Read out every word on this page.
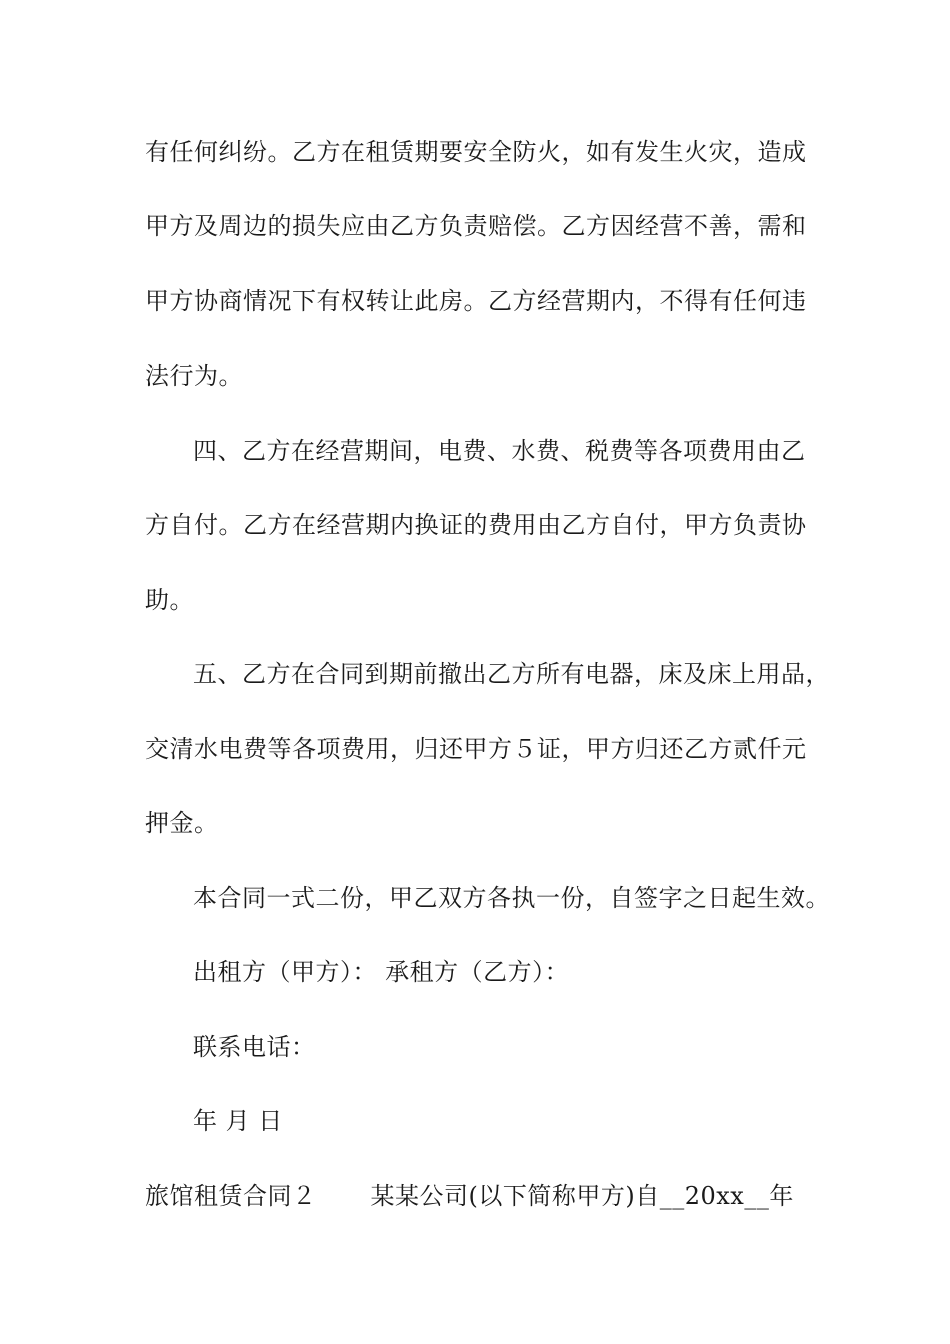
有任何纠纷。乙方在租赁期要安全防火，如有发生火灾，造成
甲方及周边的损失应由乙方负责赔偿。乙方因经营不善，需和
甲方协商情况下有权转让此房。乙方经营期内，不得有任何违
法行为。
四、乙方在经营期间，电费、水费、税费等各项费用由乙
方自付。乙方在经营期内换证的费用由乙方自付，甲方负责协
助。
五、乙方在合同到期前撤出乙方所有电器，床及床上用品，
交清水电费等各项费用，归还甲方５证，甲方归还乙方贰仟元
押金。
本合同一式二份，甲乙双方各执一份，自签字之日起生效。
出租方（甲方）： 承租方（乙方）：
联系电话：
年 月 日
旅馆租赁合同２ 某某公司(以下简称甲方)自__20xx__年
